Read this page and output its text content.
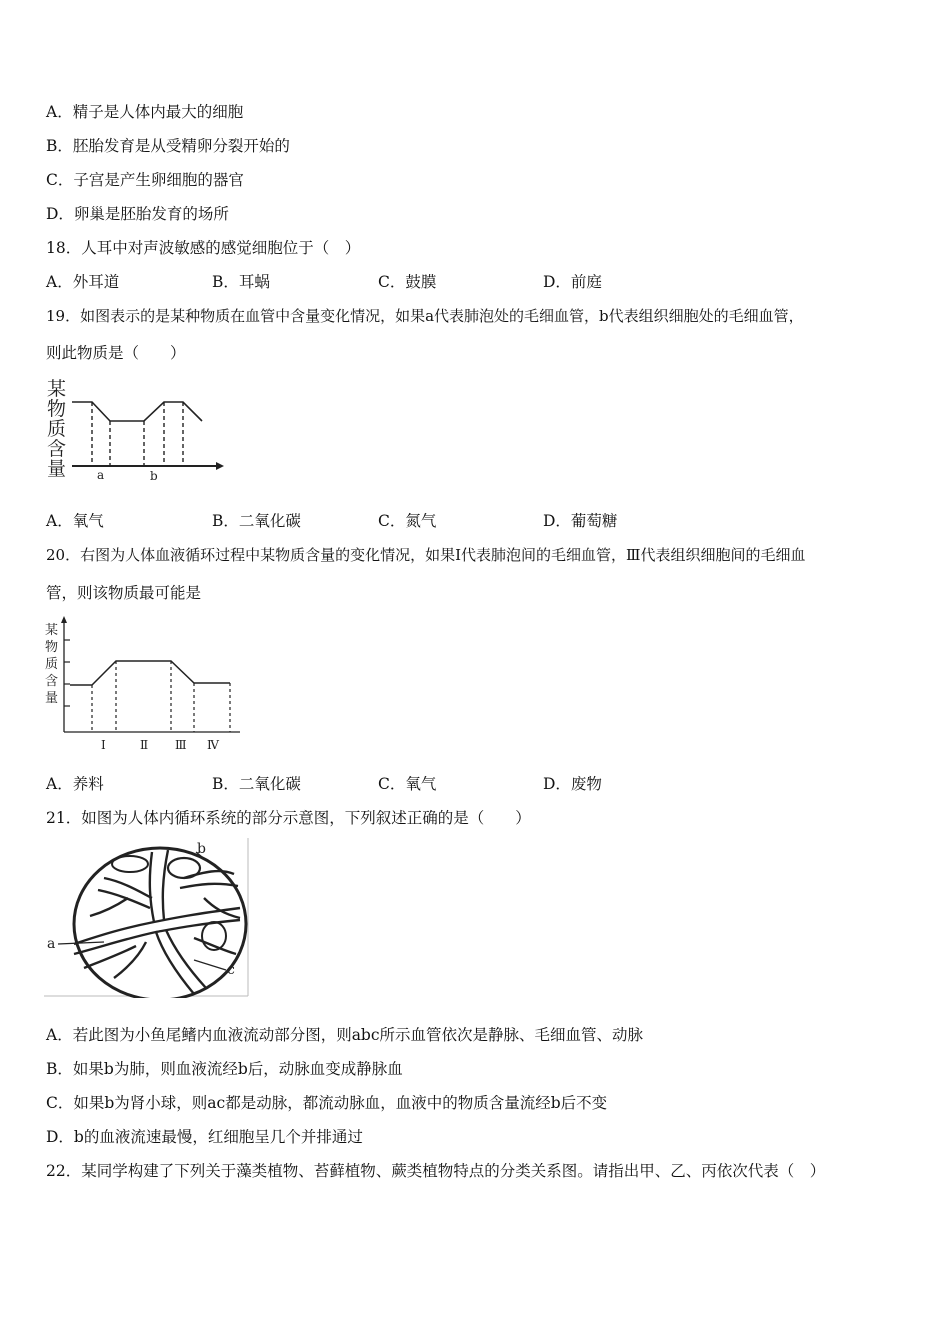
A．精子是人体内最大的细胞
B．胚胎发育是从受精卵分裂开始的
C．子宫是产生卵细胞的器官
D．卵巢是胚胎发育的场所
18．人耳中对声波敏感的感觉细胞位于（　）
A．外耳道	B．耳蜗	C．鼓膜	D．前庭
19．如图表示的是某种物质在血管中含量变化情况，如果a代表肺泡处的毛细血管，b代表组织细胞处的毛细血管，
则此物质是（　　）
某
物
质
含
量	a	b
A．氧气	B．二氧化碳	C．氮气	D．葡萄糖
20．右图为人体血液循环过程中某物质含量的变化情况，如果Ⅰ代表肺泡间的毛细血管，Ⅲ代表组织细胞间的毛细血
管，则该物质最可能是
某
物
质
含
量
Ⅰ	Ⅱ Ⅲ Ⅳ
A．养料	B．二氧化碳	C．氧气	D．废物
21．如图为人体内循环系统的部分示意图，下列叙述正确的是（　　）
a
b
c
A．若此图为小鱼尾鳍内血液流动部分图，则abc所示血管依次是静脉、毛细血管、动脉
B．如果b为肺，则血液流经b后，动脉血变成静脉血
C．如果b为肾小球，则ac都是动脉，都流动脉血，血液中的物质含量流经b后不变
D．b的血液流速最慢，红细胞呈几个并排通过
22．某同学构建了下列关于藻类植物、苔藓植物、蕨类植物特点的分类关系图。请指出甲、乙、丙依次代表（　）
